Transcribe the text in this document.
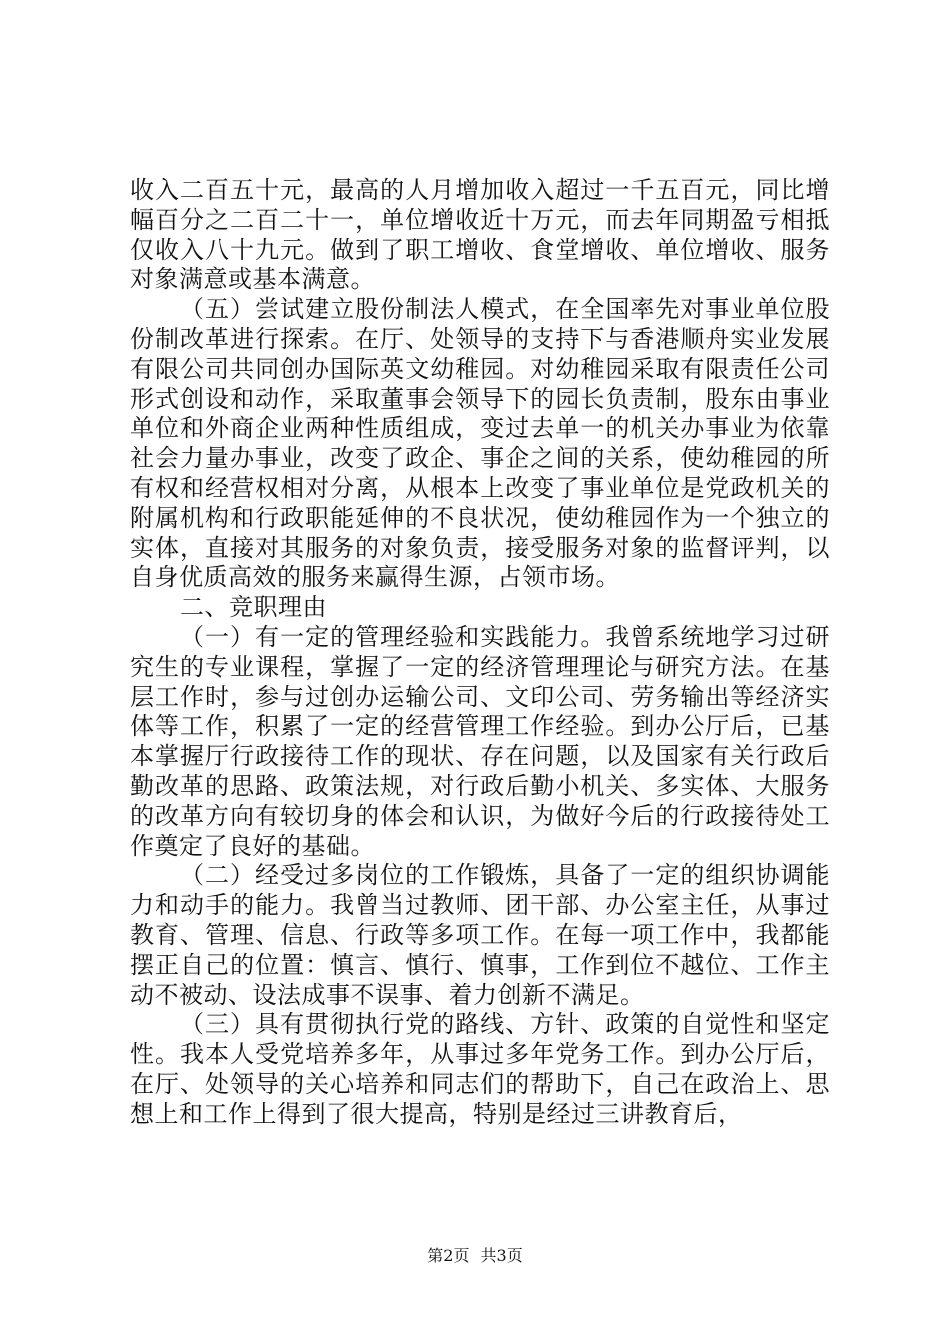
收入二百五十元，最高的人月增加收入超过一千五百元，同比增幅百分之二百二十一，单位增收近十万元，而去年同期盈亏相抵仅收入八十九元。做到了职工增收、食堂增收、单位增收、服务对象满意或基本满意。

（五）尝试建立股份制法人模式，在全国率先对事业单位股份制改革进行探索。在厅、处领导的支持下与香港顺舟实业发展有限公司共同创办国际英文幼稚园。对幼稚园采取有限责任公司形式创设和动作，采取董事会领导下的园长负责制，股东由事业单位和外商企业两种性质组成，变过去单一的机关办事业为依靠社会力量办事业，改变了政企、事企之间的关系，使幼稚园的所有权和经营权相对分离，从根本上改变了事业单位是党政机关的附属机构和行政职能延伸的不良状况，使幼稚园作为一个独立的实体，直接对其服务的对象负责，接受服务对象的监督评判，以自身优质高效的服务来赢得生源，占领市场。

二、竞职理由

（一）有一定的管理经验和实践能力。我曾系统地学习过研究生的专业课程，掌握了一定的经济管理理论与研究方法。在基层工作时，参与过创办运输公司、文印公司、劳务输出等经济实体等工作，积累了一定的经营管理工作经验。到办公厅后，已基本掌握厅行政接待工作的现状、存在问题，以及国家有关行政后勤改革的思路、政策法规，对行政后勤小机关、多实体、大服务的改革方向有较切身的体会和认识，为做好今后的行政接待处工作奠定了良好的基础。

（二）经受过多岗位的工作锻炼，具备了一定的组织协调能力和动手的能力。我曾当过教师、团干部、办公室主任，从事过教育、管理、信息、行政等多项工作。在每一项工作中，我都能摆正自己的位置：慎言、慎行、慎事，工作到位不越位、工作主动不被动、设法成事不误事、着力创新不满足。

（三）具有贯彻执行党的路线、方针、政策的自觉性和坚定性。我本人受党培养多年，从事过多年党务工作。到办公厅后，在厅、处领导的关心培养和同志们的帮助下，自己在政治上、思想上和工作上得到了很大提高，特别是经过三讲教育后，

第2页 共3页
